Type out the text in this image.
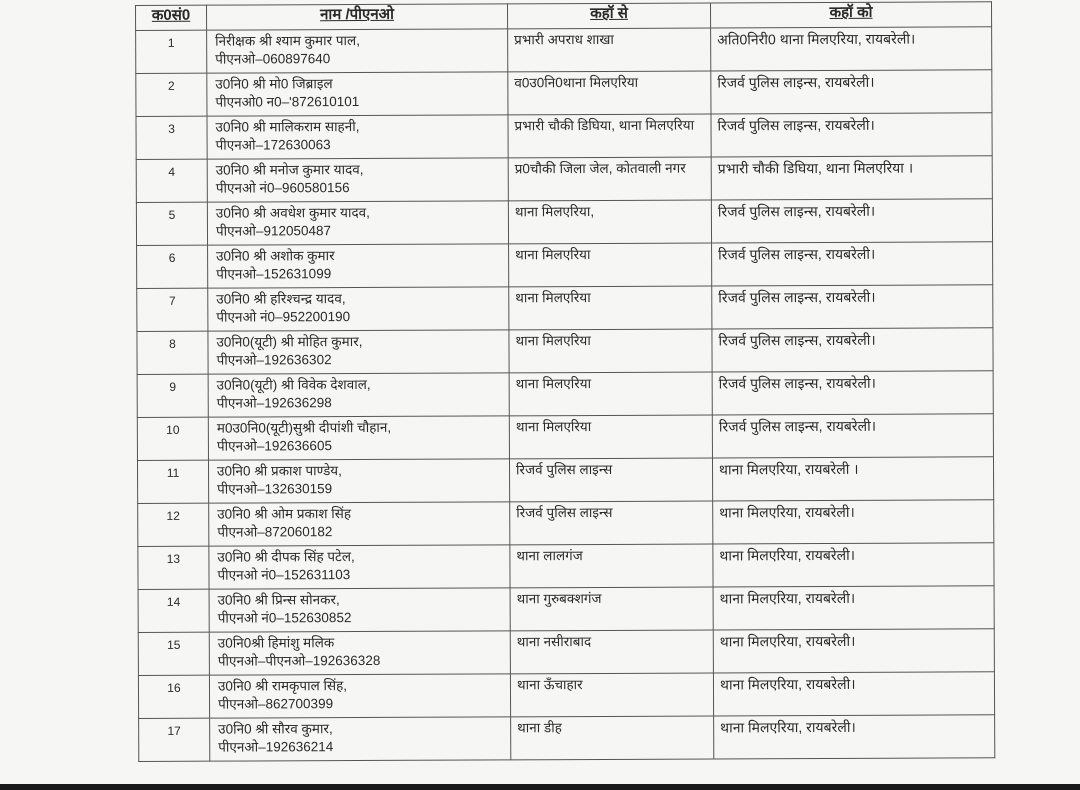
क0सं0	नाम /पीएनओ	कहॉ से	कहॉ को
1	निरीक्षक श्री श्याम कुमार पाल,
पीएनओ–060897640	प्रभारी अपराध शाखा	अति0निरी0 थाना मिलएरिया, रायबरेली।
2	उ0नि0 श्री मो0 जिब्राइल
पीएनओ0 न0–'872610101	व0उ0नि0थाना मिलएरिया	रिजर्व पुलिस लाइन्स, रायबरेली।
3	उ0नि0 श्री मालिकराम साहनी,
पीएनओ–172630063	प्रभारी चौकी डिघिया, थाना मिलएरिया	रिजर्व पुलिस लाइन्स, रायबरेली।
4	उ0नि0 श्री मनोज कुमार यादव,
पीएनओ नं0–960580156	प्र0चौकी जिला जेल, कोतवाली नगर	प्रभारी चौकी डिघिया, थाना मिलएरिया ।
5	उ0नि0 श्री अवधेश कुमार यादव,
पीएनओ–912050487	थाना मिलएरिया,	रिजर्व पुलिस लाइन्स, रायबरेली।
6	उ0नि0 श्री अशोक कुमार
पीएनओ–152631099	थाना मिलएरिया	रिजर्व पुलिस लाइन्स, रायबरेली।
7	उ0नि0 श्री हरिश्चन्द्र यादव,
पीएनओ नं0–952200190	थाना मिलएरिया	रिजर्व पुलिस लाइन्स, रायबरेली।
8	उ0नि0(यूटी) श्री मोहित कुमार,
पीएनओ–192636302	थाना मिलएरिया	रिजर्व पुलिस लाइन्स, रायबरेली।
9	उ0नि0(यूटी) श्री विवेक देशवाल,
पीएनओ–192636298	थाना मिलएरिया	रिजर्व पुलिस लाइन्स, रायबरेली।
10	म0उ0नि0(यूटी)सुश्री दीपांशी चौहान,
पीएनओ–192636605	थाना मिलएरिया	रिजर्व पुलिस लाइन्स, रायबरेली।
11	उ0नि0 श्री प्रकाश पाण्डेय,
पीएनओ–132630159	रिजर्व पुलिस लाइन्स	थाना मिलएरिया, रायबरेली ।
12	उ0नि0 श्री ओम प्रकाश सिंह
पीएनओ–872060182	रिजर्व पुलिस लाइन्स	थाना मिलएरिया, रायबरेली।
13	उ0नि0 श्री दीपक सिंह पटेल,
पीएनओ नं0–152631103	थाना लालगंज	थाना मिलएरिया, रायबरेली।
14	उ0नि0 श्री प्रिन्स सोनकर,
पीएनओ नं0–152630852	थाना गुरुबक्शगंज	थाना मिलएरिया, रायबरेली।
15	उ0नि0श्री हिमांशु मलिक
पीएनओ–पीएनओ–192636328	थाना नसीराबाद	थाना मिलएरिया, रायबरेली।
16	उ0नि0 श्री रामकृपाल सिंह,
पीएनओ–862700399	थाना ऊँचाहार	थाना मिलएरिया, रायबरेली।
17	उ0नि0 श्री सौरव कुमार,
पीएनओ–192636214	थाना डीह	थाना मिलएरिया, रायबरेली।
